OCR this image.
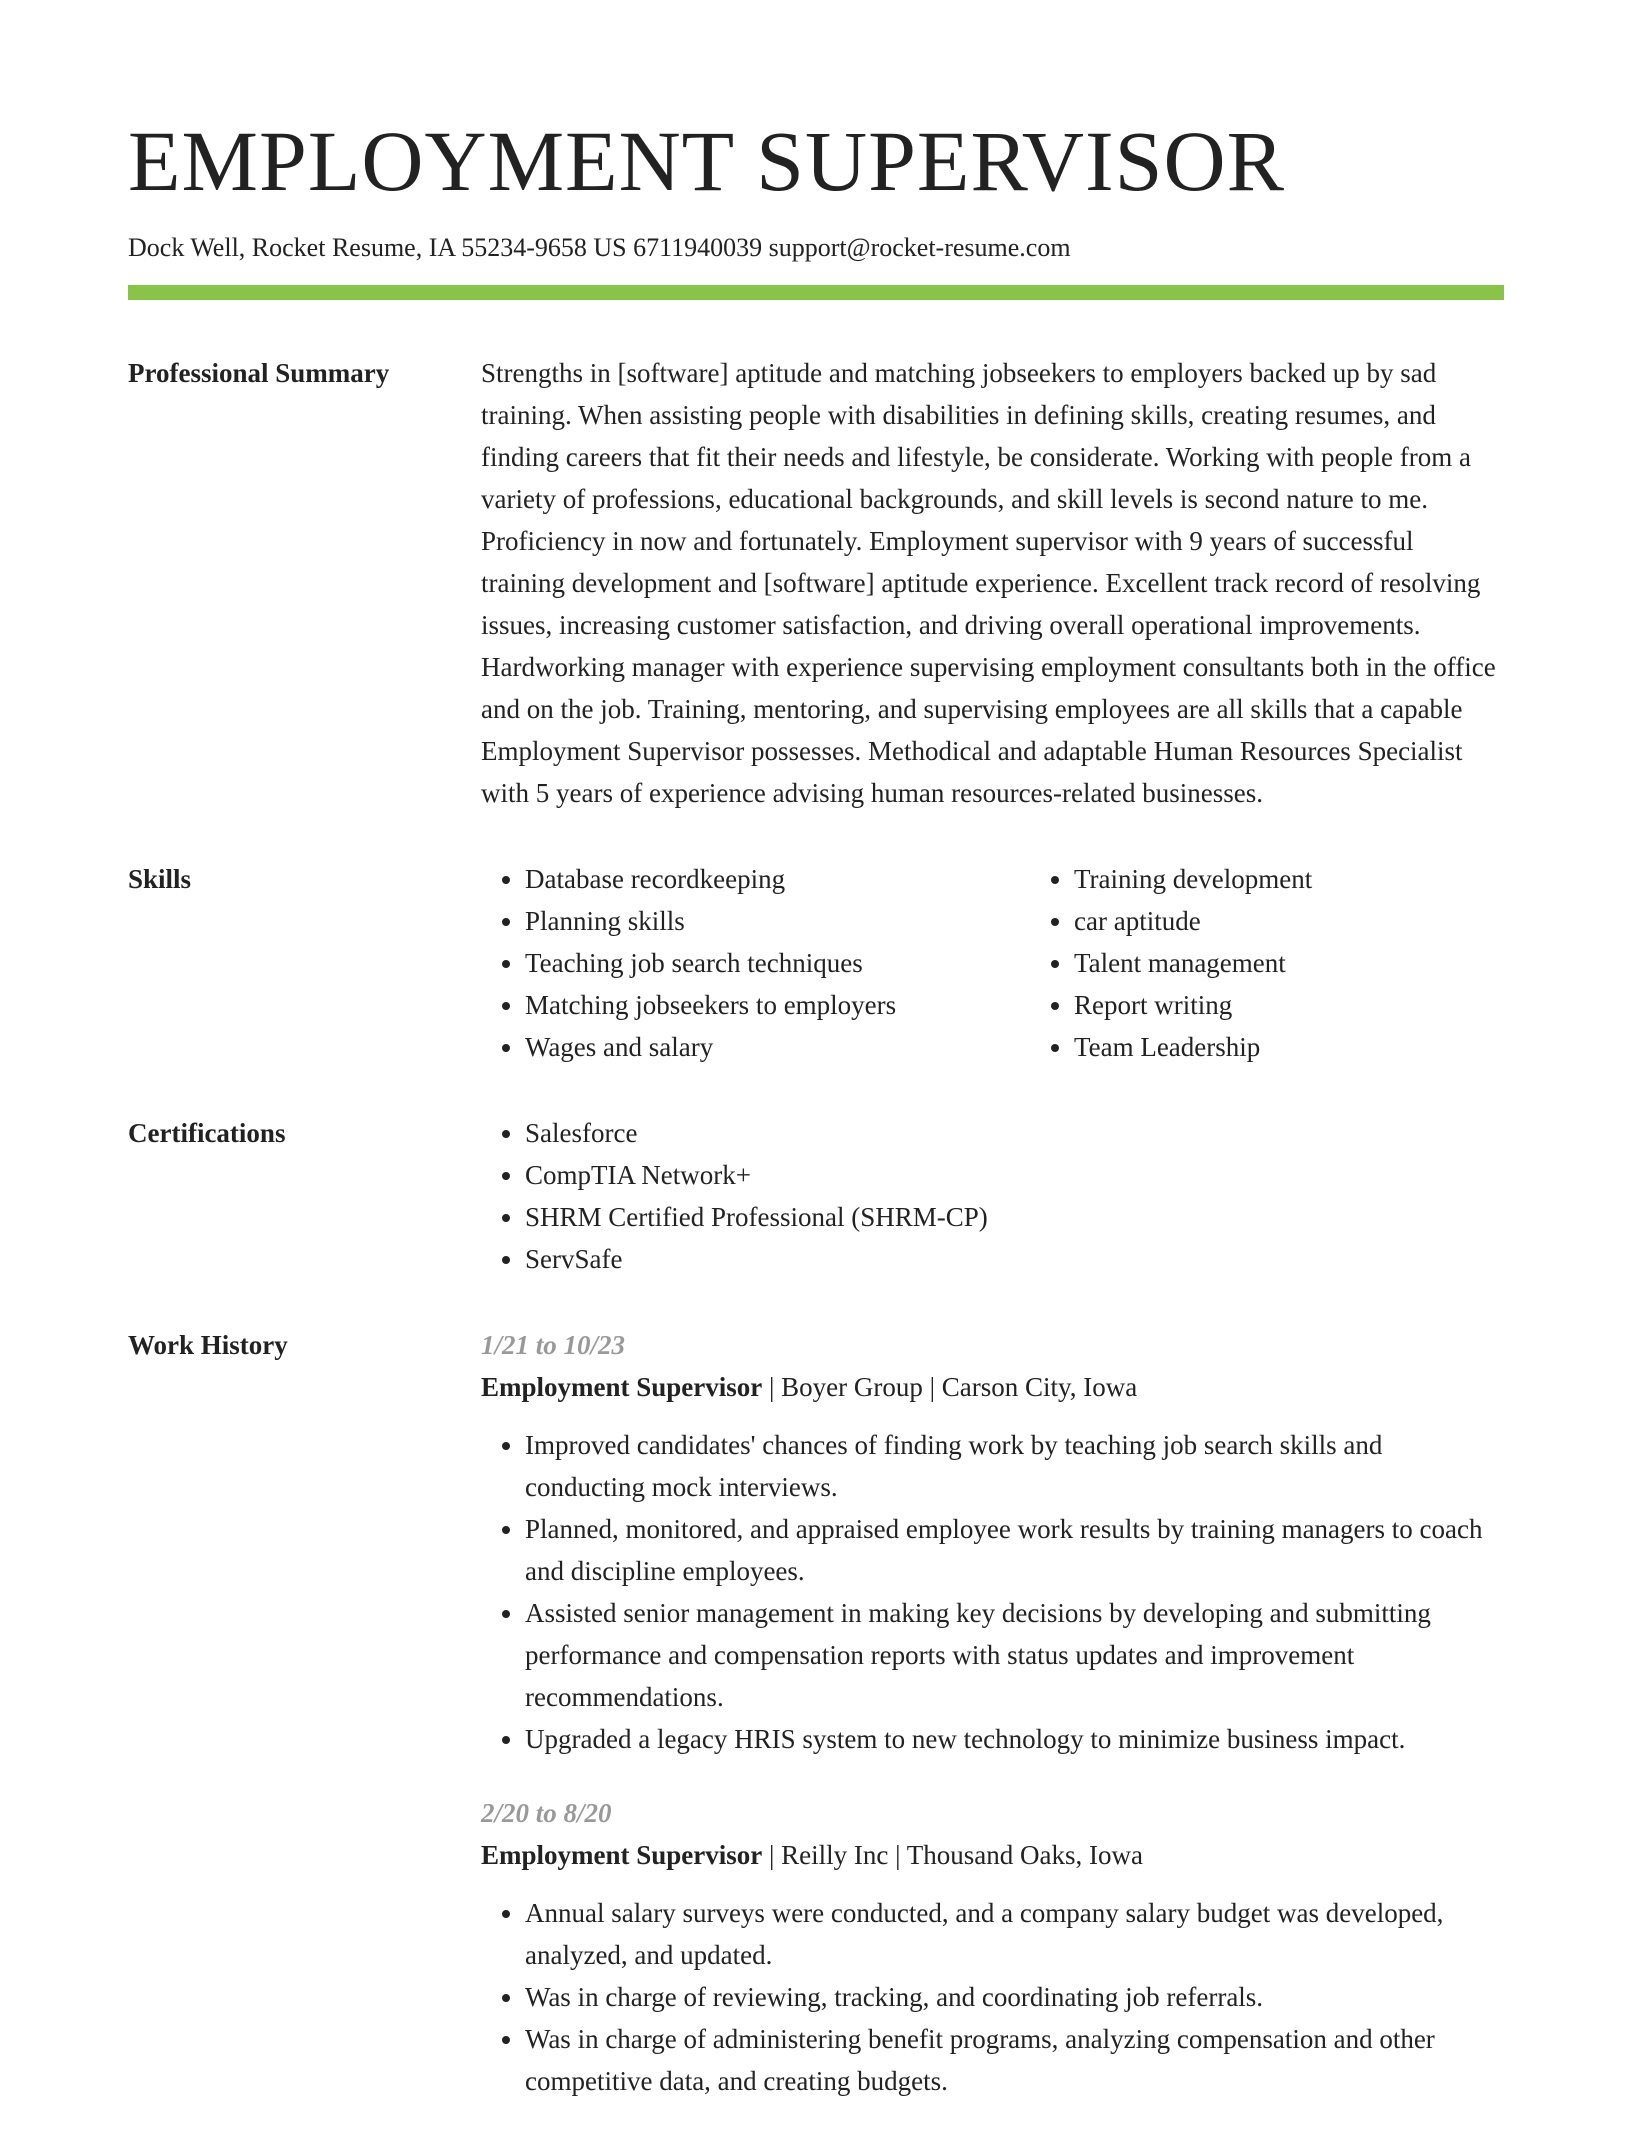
EMPLOYMENT SUPERVISOR
Dock Well, Rocket Resume, IA 55234-9658 US 6711940039 support@rocket-resume.com
Professional Summary	Strengths in [software] aptitude and matching jobseekers to employers backed up by sad training. When assisting people with disabilities in defining skills, creating resumes, and finding careers that fit their needs and lifestyle, be considerate. Working with people from a variety of professions, educational backgrounds, and skill levels is second nature to me. Proficiency in now and fortunately. Employment supervisor with 9 years of successful training development and [software] aptitude experience. Excellent track record of resolving issues, increasing customer satisfaction, and driving overall operational improvements. Hardworking manager with experience supervising employment consultants both in the office and on the job. Training, mentoring, and supervising employees are all skills that a capable Employment Supervisor possesses. Methodical and adaptable Human Resources Specialist with 5 years of experience advising human resources-related businesses.

Skills	• Database recordkeeping
• Planning skills
• Teaching job search techniques
• Matching jobseekers to employers
• Wages and salary
• Training development
• car aptitude
• Talent management
• Report writing
• Team Leadership
Certifications	• Salesforce
• CompTIA Network+
• SHRM Certified Professional (SHRM-CP)
• ServSafe
Work History	1/21 to 10/23
Employment Supervisor | Boyer Group | Carson City, Iowa
• Improved candidates' chances of finding work by teaching job search skills and conducting mock interviews.
• Planned, monitored, and appraised employee work results by training managers to coach and discipline employees.
• Assisted senior management in making key decisions by developing and submitting performance and compensation reports with status updates and improvement recommendations.
• Upgraded a legacy HRIS system to new technology to minimize business impact.
2/20 to 8/20
Employment Supervisor | Reilly Inc | Thousand Oaks, Iowa
• Annual salary surveys were conducted, and a company salary budget was developed, analyzed, and updated.
• Was in charge of reviewing, tracking, and coordinating job referrals.
• Was in charge of administering benefit programs, analyzing compensation and other competitive data, and creating budgets.
